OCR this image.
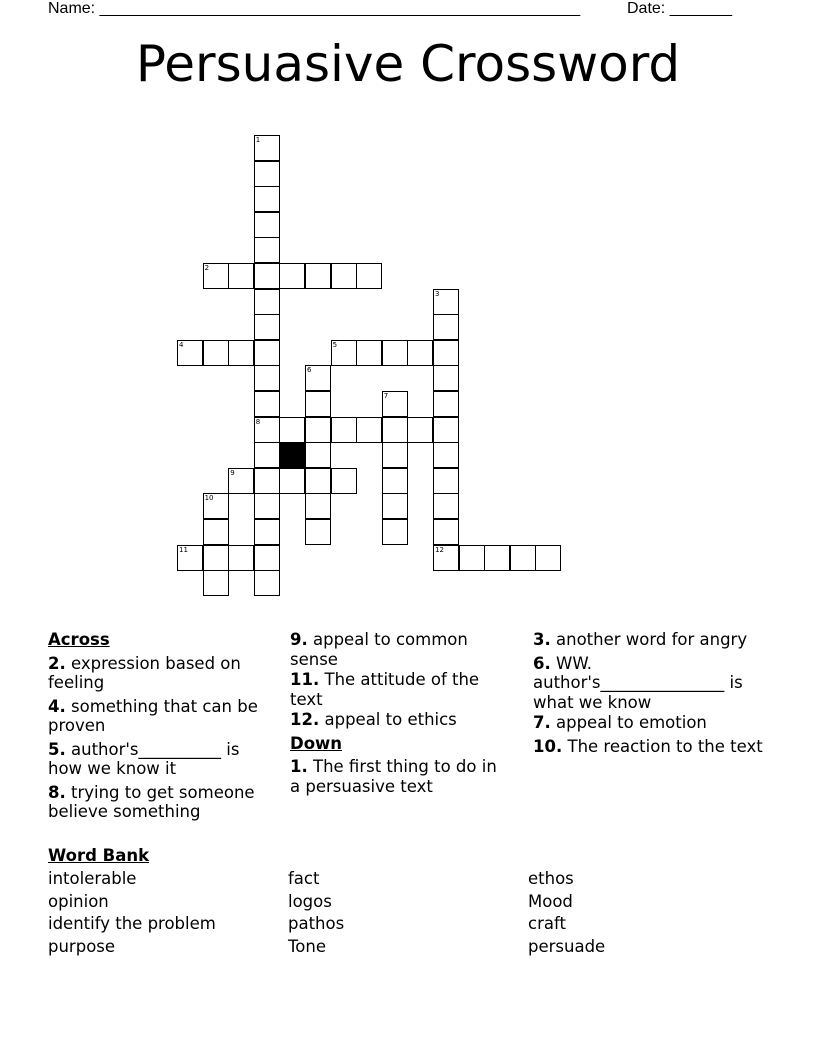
Name: ______________________________________________________	Date: _______
Persuasive Crossword
1
8
2
3
12
4	5
6
7
9
10
11
Across
2. expression based on feeling
4. something that can be proven
5. author's__________ is how we know it
8. trying to get someone believe something
9. appeal to common sense
11. The attitude of the text
12. appeal to ethics
Down
1. The first thing to do in a persuasive text
3. another word for angry
6. WW. author's_______________ is what we know
7. appeal to emotion
10. The reaction to the text
Word Bank
intolerable
opinion
identify the problem
purpose
fact
logos
pathos
Tone
ethos
Mood
craft
persuade
